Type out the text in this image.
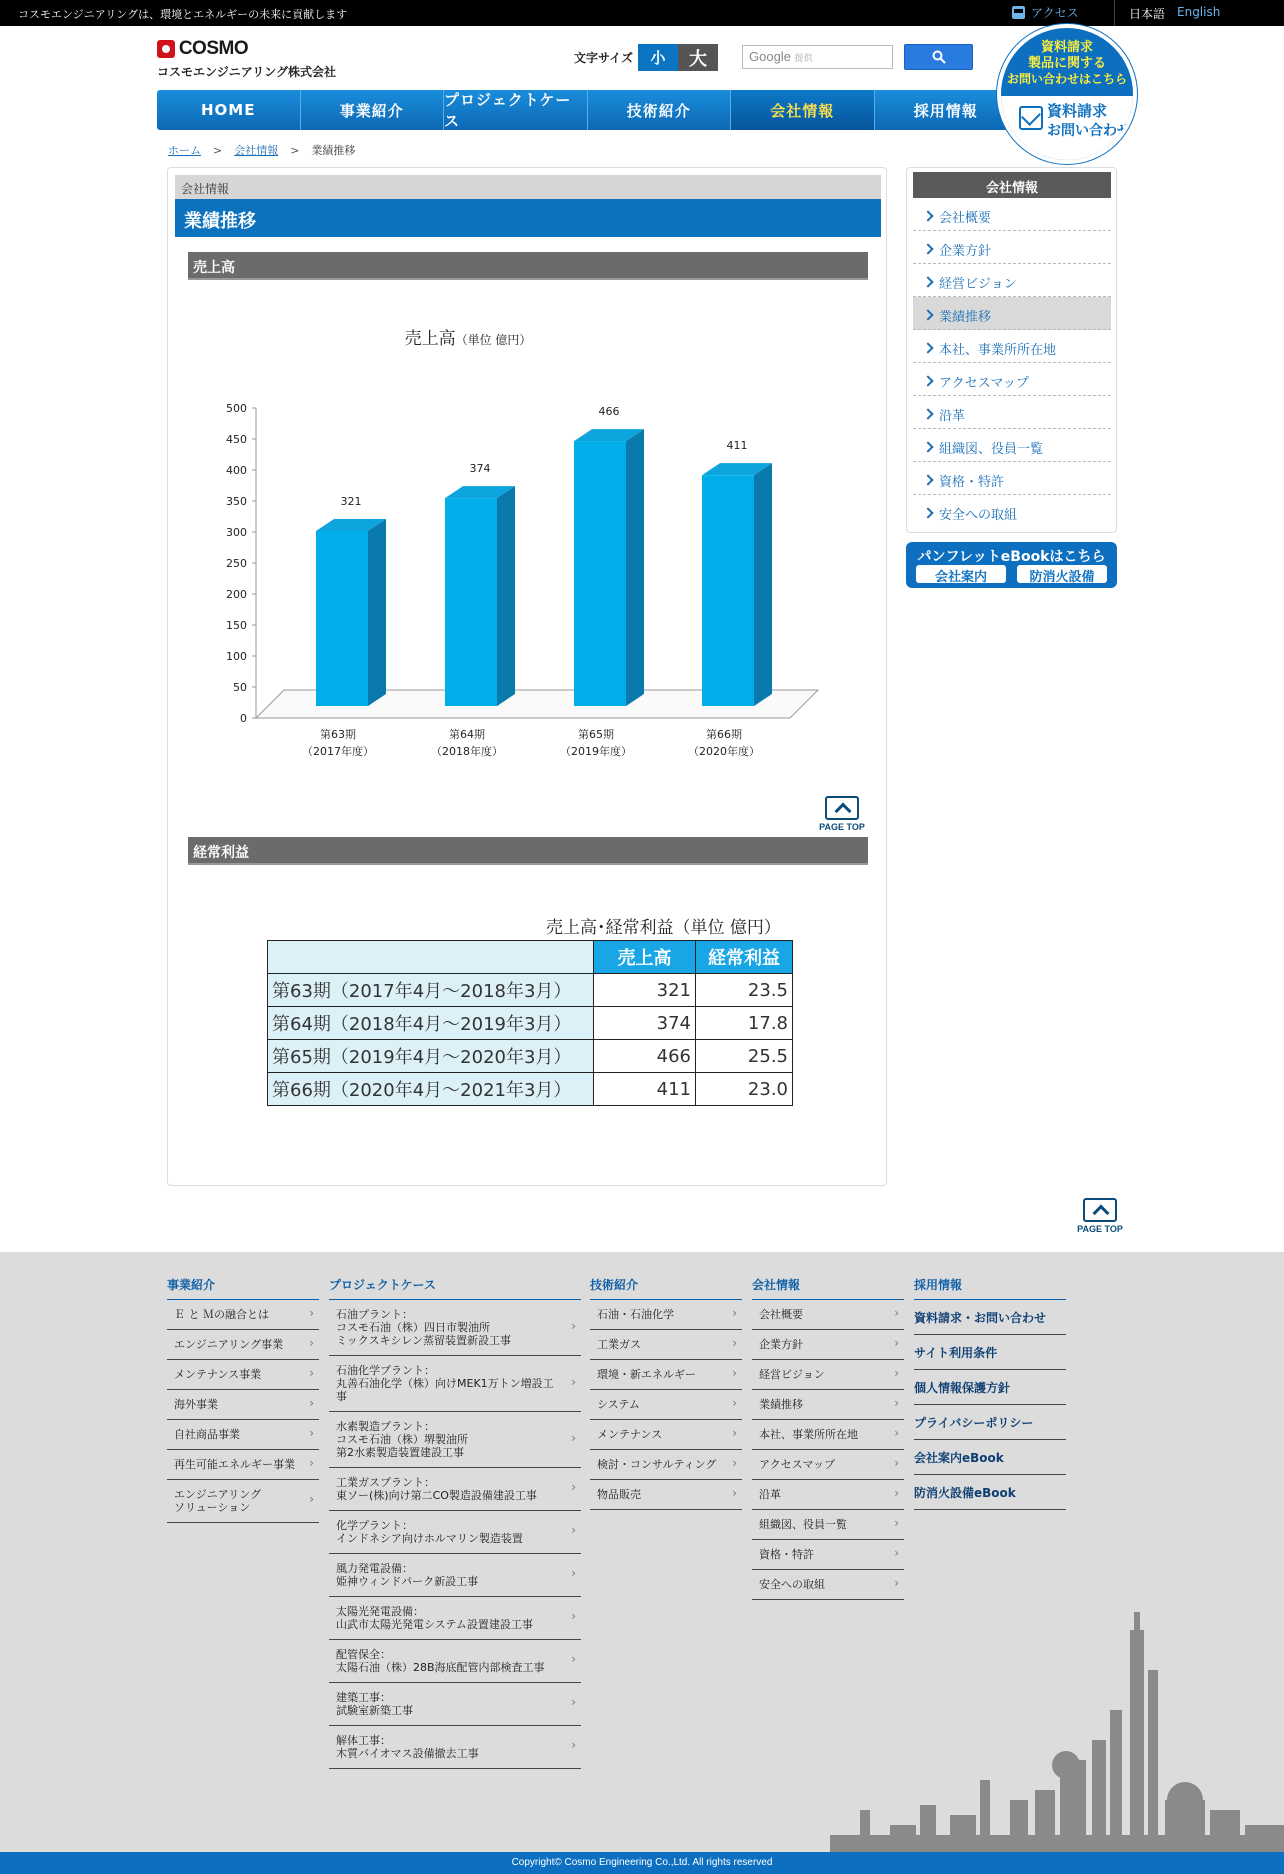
コスモエンジニアリングは、環境とエネルギーの未来に貢献します	アクセス	日本語 English
COSMO
コスモエンジニアリング株式会社
文字サイズ	小	大	Google 提供
HOME	事業紹介
プロジェクトケース
技術紹介	会社情報	採用情報
資料請求
製品に関する
お問い合わせはこちら
資料請求
お問い合わせ
ホーム > 会社情報 > 業績推移
会社情報
業績推移
売上高
売上高（単位 億円）
0
50
100
150
200
250
300
350
400
450
500
第63期
（2017年度）
第64期
（2018年度）
第65期
（2019年度）
第66期
（2020年度）
321
374
466
411
PAGE TOP
経常利益
売上高･経常利益（単位 億円）
	売上高	経常利益
第63期（2017年4月～2018年3月）	321	23.5
第64期（2018年4月～2019年3月）	374	17.8
第65期（2019年4月～2020年3月）	466	25.5
第66期（2020年4月～2021年3月）	411	23.0
会社情報
会社概要
企業方針
経営ビジョン
業績推移
本社、事業所所在地
アクセスマップ
沿革
組織図、役員一覧
資格・特許
安全への取組
パンフレットeBookはこちら
会社案内	防消火設備
PAGE TOP
事業紹介
Ｅ と Ｍの融合とは ›
エンジニアリング事業 ›
メンテナンス事業 ›
海外事業 ›
自社商品事業 ›
再生可能エネルギー事業 ›
エンジニアリング
ソリューション ›
プロジェクトケース
石油プラント：
コスモ石油（株）四日市製油所
ミックスキシレン蒸留装置新設工事 ›
石油化学プラント：
丸善石油化学（株）向けMEK1万トン増設工事 ›
水素製造プラント：
コスモ石油（株）堺製油所
第2水素製造装置建設工事 ›
工業ガスプラント：
東ソー(株)向け第二CO製造設備建設工事 ›
化学プラント：
インドネシア向けホルマリン製造装置 ›
風力発電設備：
姫神ウィンドパーク新設工事 ›
太陽光発電設備：
山武市太陽光発電システム設置建設工事 ›
配管保全：
太陽石油（株）28B海底配管内部検査工事 ›
建築工事：
試験室新築工事 ›
解体工事：
木質バイオマス設備撤去工事 ›
技術紹介
石油・石油化学 ›
工業ガス ›
環境・新エネルギー ›
システム ›
メンテナンス ›
検討・コンサルティング ›
物品販売 ›
会社情報
会社概要 ›
企業方針 ›
経営ビジョン ›
業績推移 ›
本社、事業所所在地 ›
アクセスマップ ›
沿革 ›
組織図、役員一覧 ›
資格・特許 ›
安全への取組 ›
採用情報
資料請求・お問い合わせ
サイト利用条件
個人情報保護方針
プライバシーポリシー
会社案内eBook
防消火設備eBook
Copyright© Cosmo Engineering Co.,Ltd. All rights reserved
